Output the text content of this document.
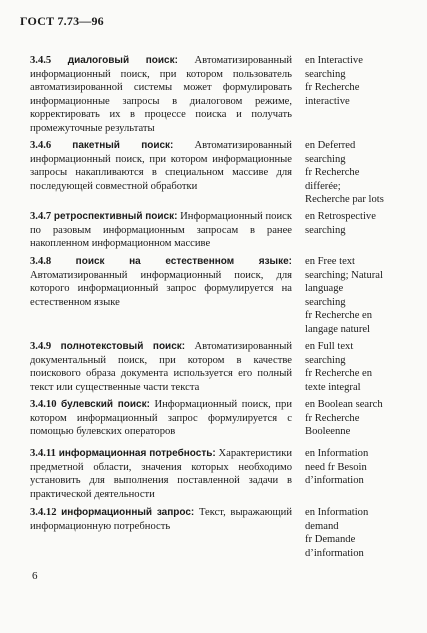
ГОСТ 7.73—96
3.4.5 диалоговый поиск: Автоматизированный информационный поиск, при котором пользователь автоматизированной системы может формулировать информационные запросы в диалоговом режиме, корректировать их в процессе поиска и получать промежуточные результаты
en Interactive
searching
fr Recherche
interactive
3.4.6 пакетный поиск: Автоматизированный информационный поиск, при котором информационные запросы накапливаются в специальном массиве для последующей совместной обработки
en Deferred
searching
fr Recherche
differée;
Recherche par lots
3.4.7 ретроспективный поиск: Информационный поиск по разовым информационным запросам в ранее накопленном информационном массиве
en Retrospective
searching
3.4.8 поиск на естественном языке: Автоматизированный информационный поиск, для которого информационный запрос формулируется на естественном языке
en Free text
searching; Natural
language
searching
fr Recherche en
langage naturel
3.4.9 полнотекстовый поиск: Автоматизированный документальный поиск, при котором в качестве поискового образа документа используется его полный текст или существенные части текста
en Full text
searching
fr Recherche en
texte integral
3.4.10 булевский поиск: Информационный поиск, при котором информационный запрос формулируется с помощью булевских операторов
en Boolean search
fr Recherche
Booleenne
3.4.11 информационная потребность: Характеристики предметной области, значения которых необходимо установить для выполнения поставленной задачи в практической деятельности
en Information
need fr Besoin
d’information
3.4.12 информационный запрос: Текст, выражающий информационную потребность
en Information
demand
fr Demande
d’information
6
